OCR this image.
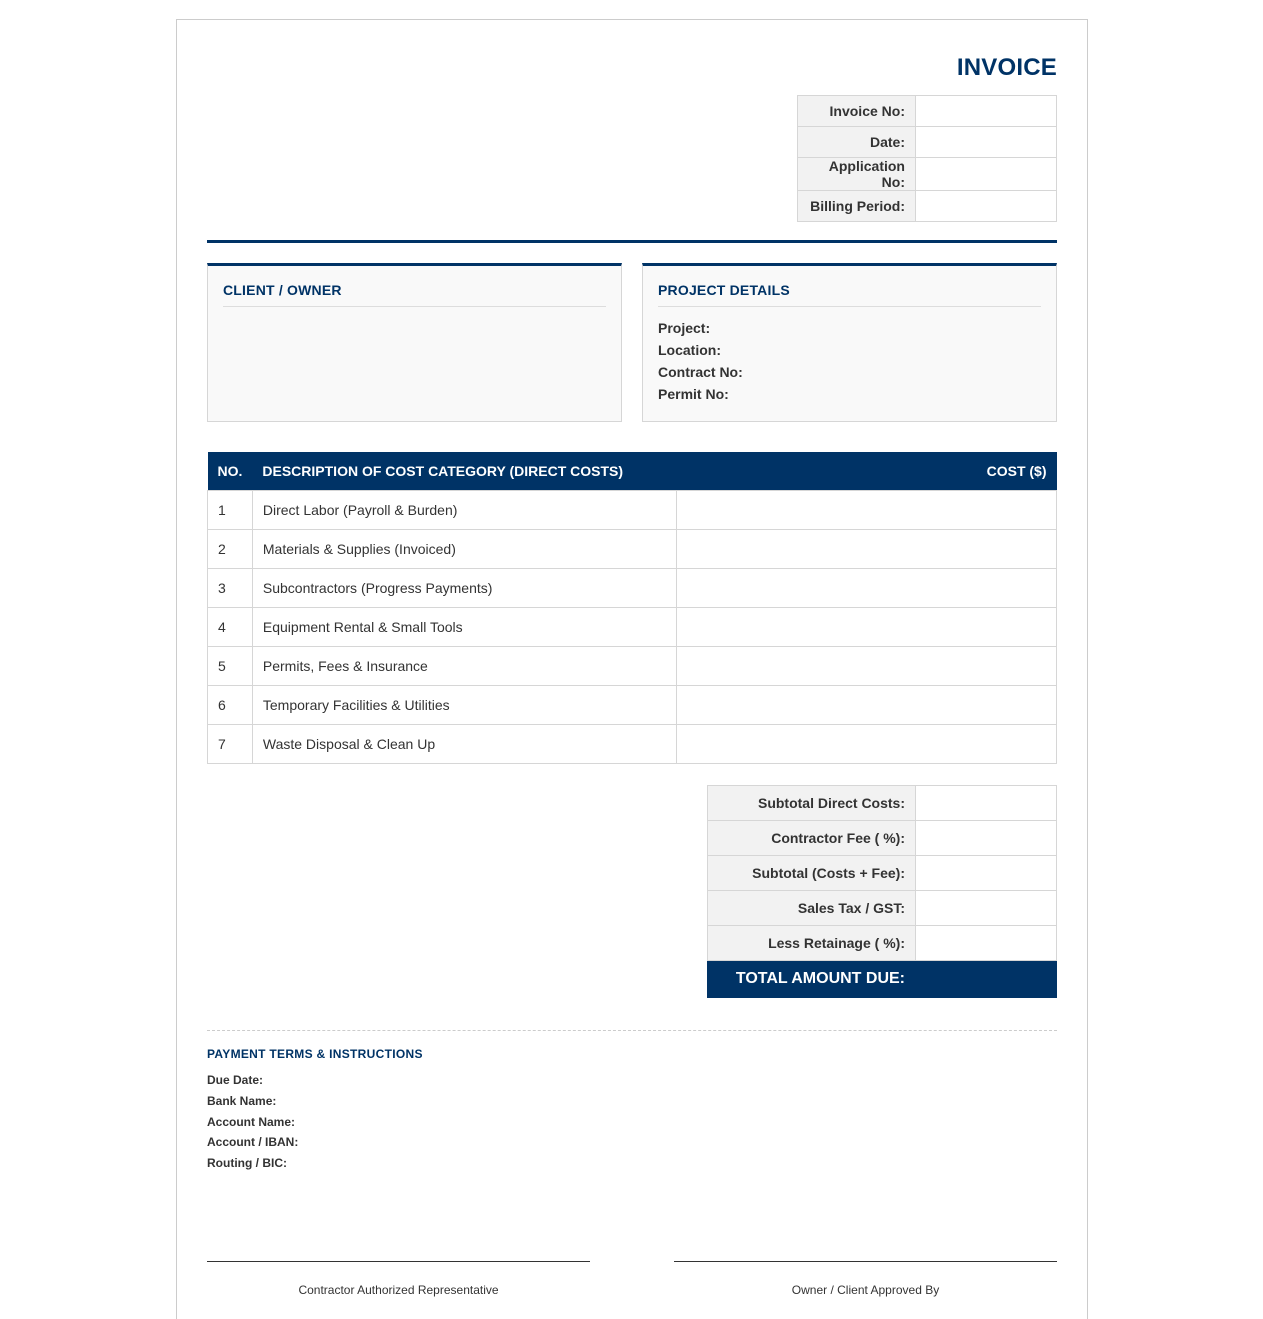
INVOICE
Invoice No:	
Date:	
Application No:	
Billing Period:	
CLIENT / OWNER	PROJECT DETAILS
Project:
Location:
Contract No:
Permit No:
NO.	DESCRIPTION OF COST CATEGORY (DIRECT COSTS)	COST ($)
1	Direct Labor (Payroll & Burden)	
2	Materials & Supplies (Invoiced)	
3	Subcontractors (Progress Payments)	
4	Equipment Rental & Small Tools	
5	Permits, Fees & Insurance	
6	Temporary Facilities & Utilities	
7	Waste Disposal & Clean Up	
Subtotal Direct Costs:	
Contractor Fee ( %):	
Subtotal (Costs + Fee):	
Sales Tax / GST:	
Less Retainage ( %):	
TOTAL AMOUNT DUE:	
PAYMENT TERMS & INSTRUCTIONS
Due Date:
Bank Name:
Account Name:
Account / IBAN:
Routing / BIC:
Contractor Authorized Representative	Owner / Client Approved By
